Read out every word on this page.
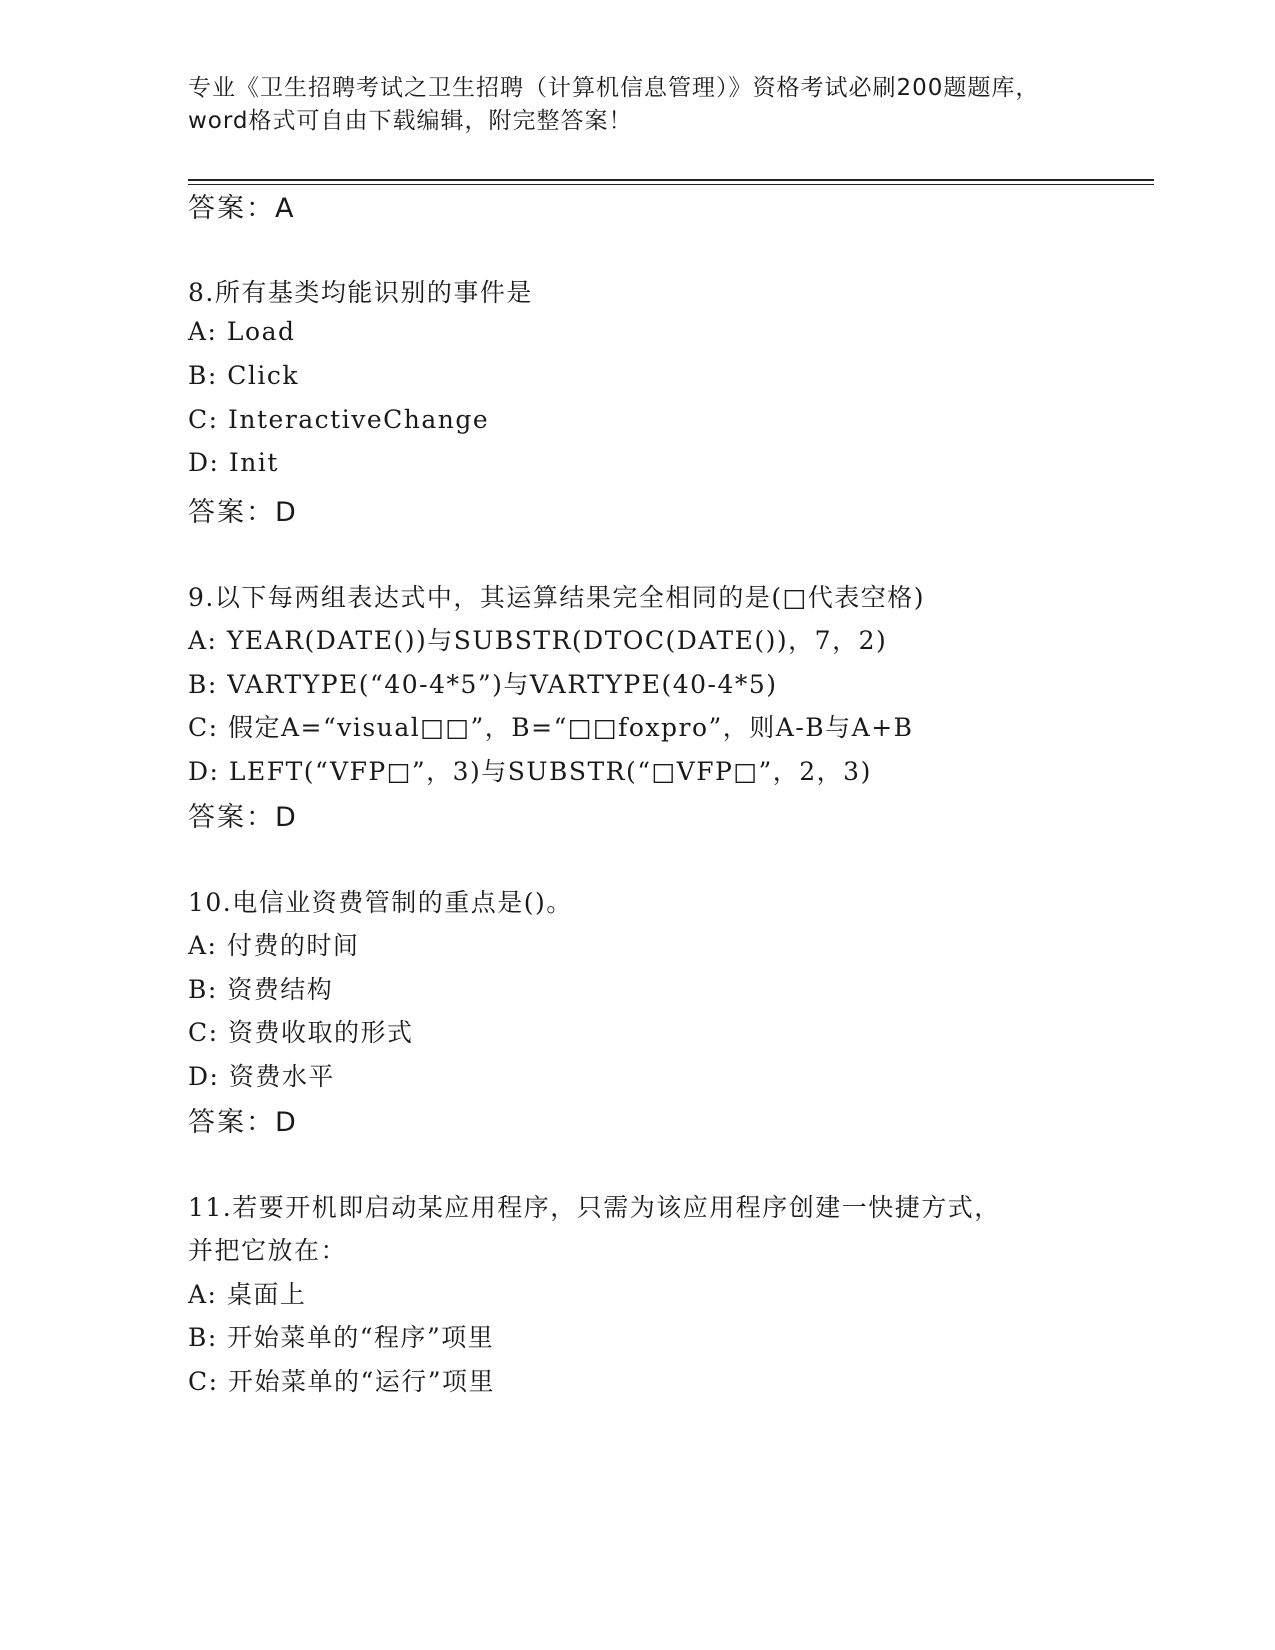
专业《卫生招聘考试之卫生招聘（计算机信息管理）》资格考试必刷200题题库，
word格式可自由下载编辑，附完整答案！
答案：A
8.所有基类均能识别的事件是
A: Load
B: Click
C: InteractiveChange
D: Init
答案：D
9.以下每两组表达式中，其运算结果完全相同的是(□代表空格)
A: YEAR(DATE())与SUBSTR(DTOC(DATE())，7，2)
B: VARTYPE(“40-4*5”)与VARTYPE(40-4*5)
C: 假定A=“visual□□”，B=“□□foxpro”，则A-B与A+B
D: LEFT(“VFP□”，3)与SUBSTR(“□VFP□”，2，3)
答案：D
10.电信业资费管制的重点是()。
A: 付费的时间
B: 资费结构
C: 资费收取的形式
D: 资费水平
答案：D
11.若要开机即启动某应用程序，只需为该应用程序创建一快捷方式，
并把它放在：
A: 桌面上
B: 开始菜单的“程序”项里
C: 开始菜单的“运行”项里
